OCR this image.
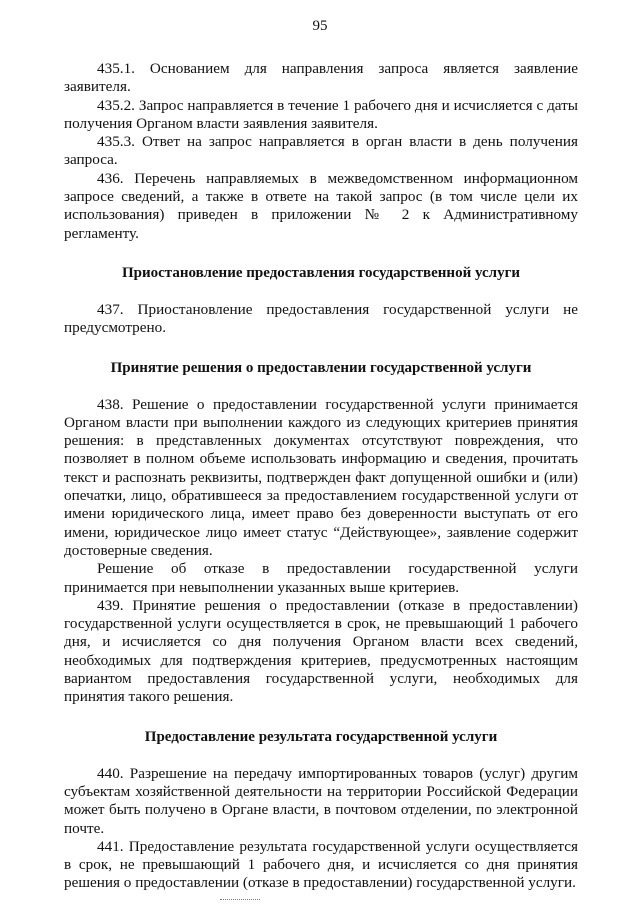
95

435.1. Основанием для направления запроса является заявление заявителя.

435.2. Запрос направляется в течение 1 рабочего дня и исчисляется с даты получения Органом власти заявления заявителя.

435.3. Ответ на запрос направляется в орган власти в день получения запроса.

436. Перечень направляемых в межведомственном информационном запросе сведений, а также в ответе на такой запрос (в том числе цели их использования) приведен в приложении № 2 к Административному регламенту.

Приостановление предоставления государственной услуги

437. Приостановление предоставления государственной услуги не предусмотрено.

Принятие решения о предоставлении государственной услуги

438. Решение о предоставлении государственной услуги принимается Органом власти при выполнении каждого из следующих критериев принятия решения: в представленных документах отсутствуют повреждения, что позволяет в полном объеме использовать информацию и сведения, прочитать текст и распознать реквизиты, подтвержден факт допущенной ошибки и (или) опечатки, лицо, обратившееся за предоставлением государственной услуги от имени юридического лица, имеет право без доверенности выступать от его имени, юридическое лицо имеет статус “Действующее», заявление содержит достоверные сведения.

Решение об отказе в предоставлении государственной услуги принимается при невыполнении указанных выше критериев.

439. Принятие решения о предоставлении (отказе в предоставлении) государственной услуги осуществляется в срок, не превышающий 1 рабочего дня, и исчисляется со дня получения Органом власти всех сведений, необходимых для подтверждения критериев, предусмотренных настоящим вариантом предоставления государственной услуги, необходимых для принятия такого решения.

Предоставление результата государственной услуги

440. Разрешение на передачу импортированных товаров (услуг) другим субъектам хозяйственной деятельности на территории Российской Федерации может быть получено в Органе власти, в почтовом отделении, по электронной почте.

441. Предоставление результата государственной услуги осуществляется в срок, не превышающий 1 рабочего дня, и исчисляется со дня принятия решения о предоставлении (отказе в предоставлении) государственной услуги.
